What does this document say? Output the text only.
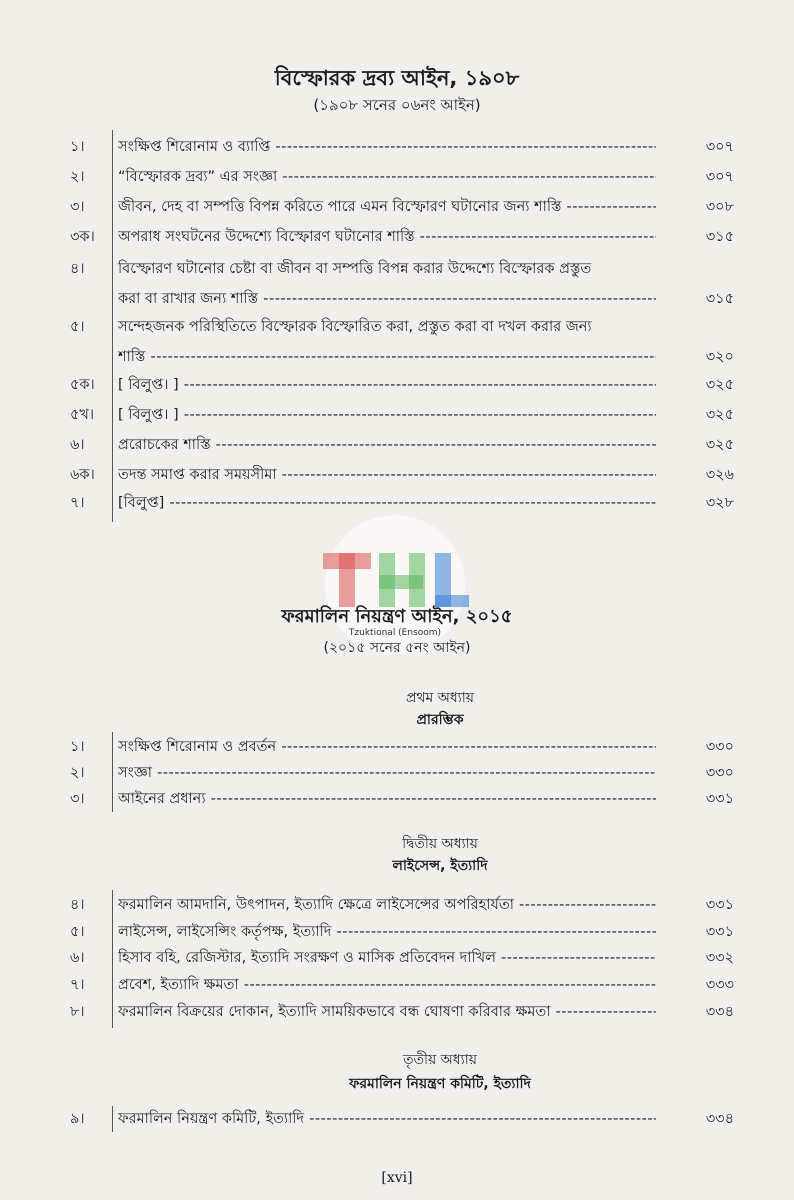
বিস্ফোরক দ্রব্য আইন, ১৯০৮
(১৯০৮ সনের ০৬নং আইন)
১।	সংক্ষিপ্ত শিরোনাম ও ব্যাপ্তি -----	৩০৭
২।	“বিস্ফোরক দ্রব্য” এর সংজ্ঞা -----	৩০৭
৩।	জীবন, দেহ বা সম্পত্তি বিপন্ন করিতে পারে এমন বিস্ফোরণ ঘটানোর জন্য শাস্তি -----	৩০৮
৩ক।	অপরাধ সংঘটনের উদ্দেশ্যে বিস্ফোরণ ঘটানোর শাস্তি -----	৩১৫
৪।	বিস্ফোরণ ঘটানোর চেষ্টা বা জীবন বা সম্পত্তি বিপন্ন করার উদ্দেশ্যে বিস্ফোরক প্রস্তুত
করা বা রাখার জন্য শাস্তি -----	৩১৫
৫।	সন্দেহজনক পরিস্থিতিতে বিস্ফোরক বিস্ফোরিত করা, প্রস্তুত করা বা দখল করার জন্য
শাস্তি -----	৩২০
৫ক।	[ বিলুপ্ত। ] -----	৩২৫
৫খ।	[ বিলুপ্ত। ] -----	৩২৫
৬।	প্ররোচকের শাস্তি -----	৩২৫
৬ক।	তদন্ত সমাপ্ত করার সময়সীমা -----	৩২৬
৭।	[বিলুপ্ত] -----	৩২৮
Tzuktional (Ensoom)
ফরমালিন নিয়ন্ত্রণ আইন, ২০১৫
(২০১৫ সনের ৫নং আইন)
প্রথম অধ্যায়
প্রারম্ভিক
১।	সংক্ষিপ্ত শিরোনাম ও প্রবর্তন -----	৩৩০
২।	সংজ্ঞা -----	৩৩০
৩।	আইনের প্রধান্য -----	৩৩১
দ্বিতীয় অধ্যায়
লাইসেন্স, ইত্যাদি
৪।	ফরমালিন আমদানি, উৎপাদন, ইত্যাদি ক্ষেত্রে লাইসেন্সের অপরিহার্যতা -----	৩৩১
৫।	লাইসেন্স, লাইসেন্সিং কর্তৃপক্ষ, ইত্যাদি -----	৩৩১
৬।	হিসাব বহি, রেজিস্টার, ইত্যাদি সংরক্ষণ ও মাসিক প্রতিবেদন দাখিল -----	৩৩২
৭।	প্রবেশ, ইত্যাদি ক্ষমতা -----	৩৩৩
৮।	ফরমালিন বিক্রয়ের দোকান, ইত্যাদি সাময়িকভাবে বন্ধ ঘোষণা করিবার ক্ষমতা -----	৩৩৪
তৃতীয় অধ্যায়
ফরমালিন নিয়ন্ত্রণ কমিটি, ইত্যাদি
৯।	ফরমালিন নিয়ন্ত্রণ কমিটি, ইত্যাদি -----	৩৩৪
[xvi]
